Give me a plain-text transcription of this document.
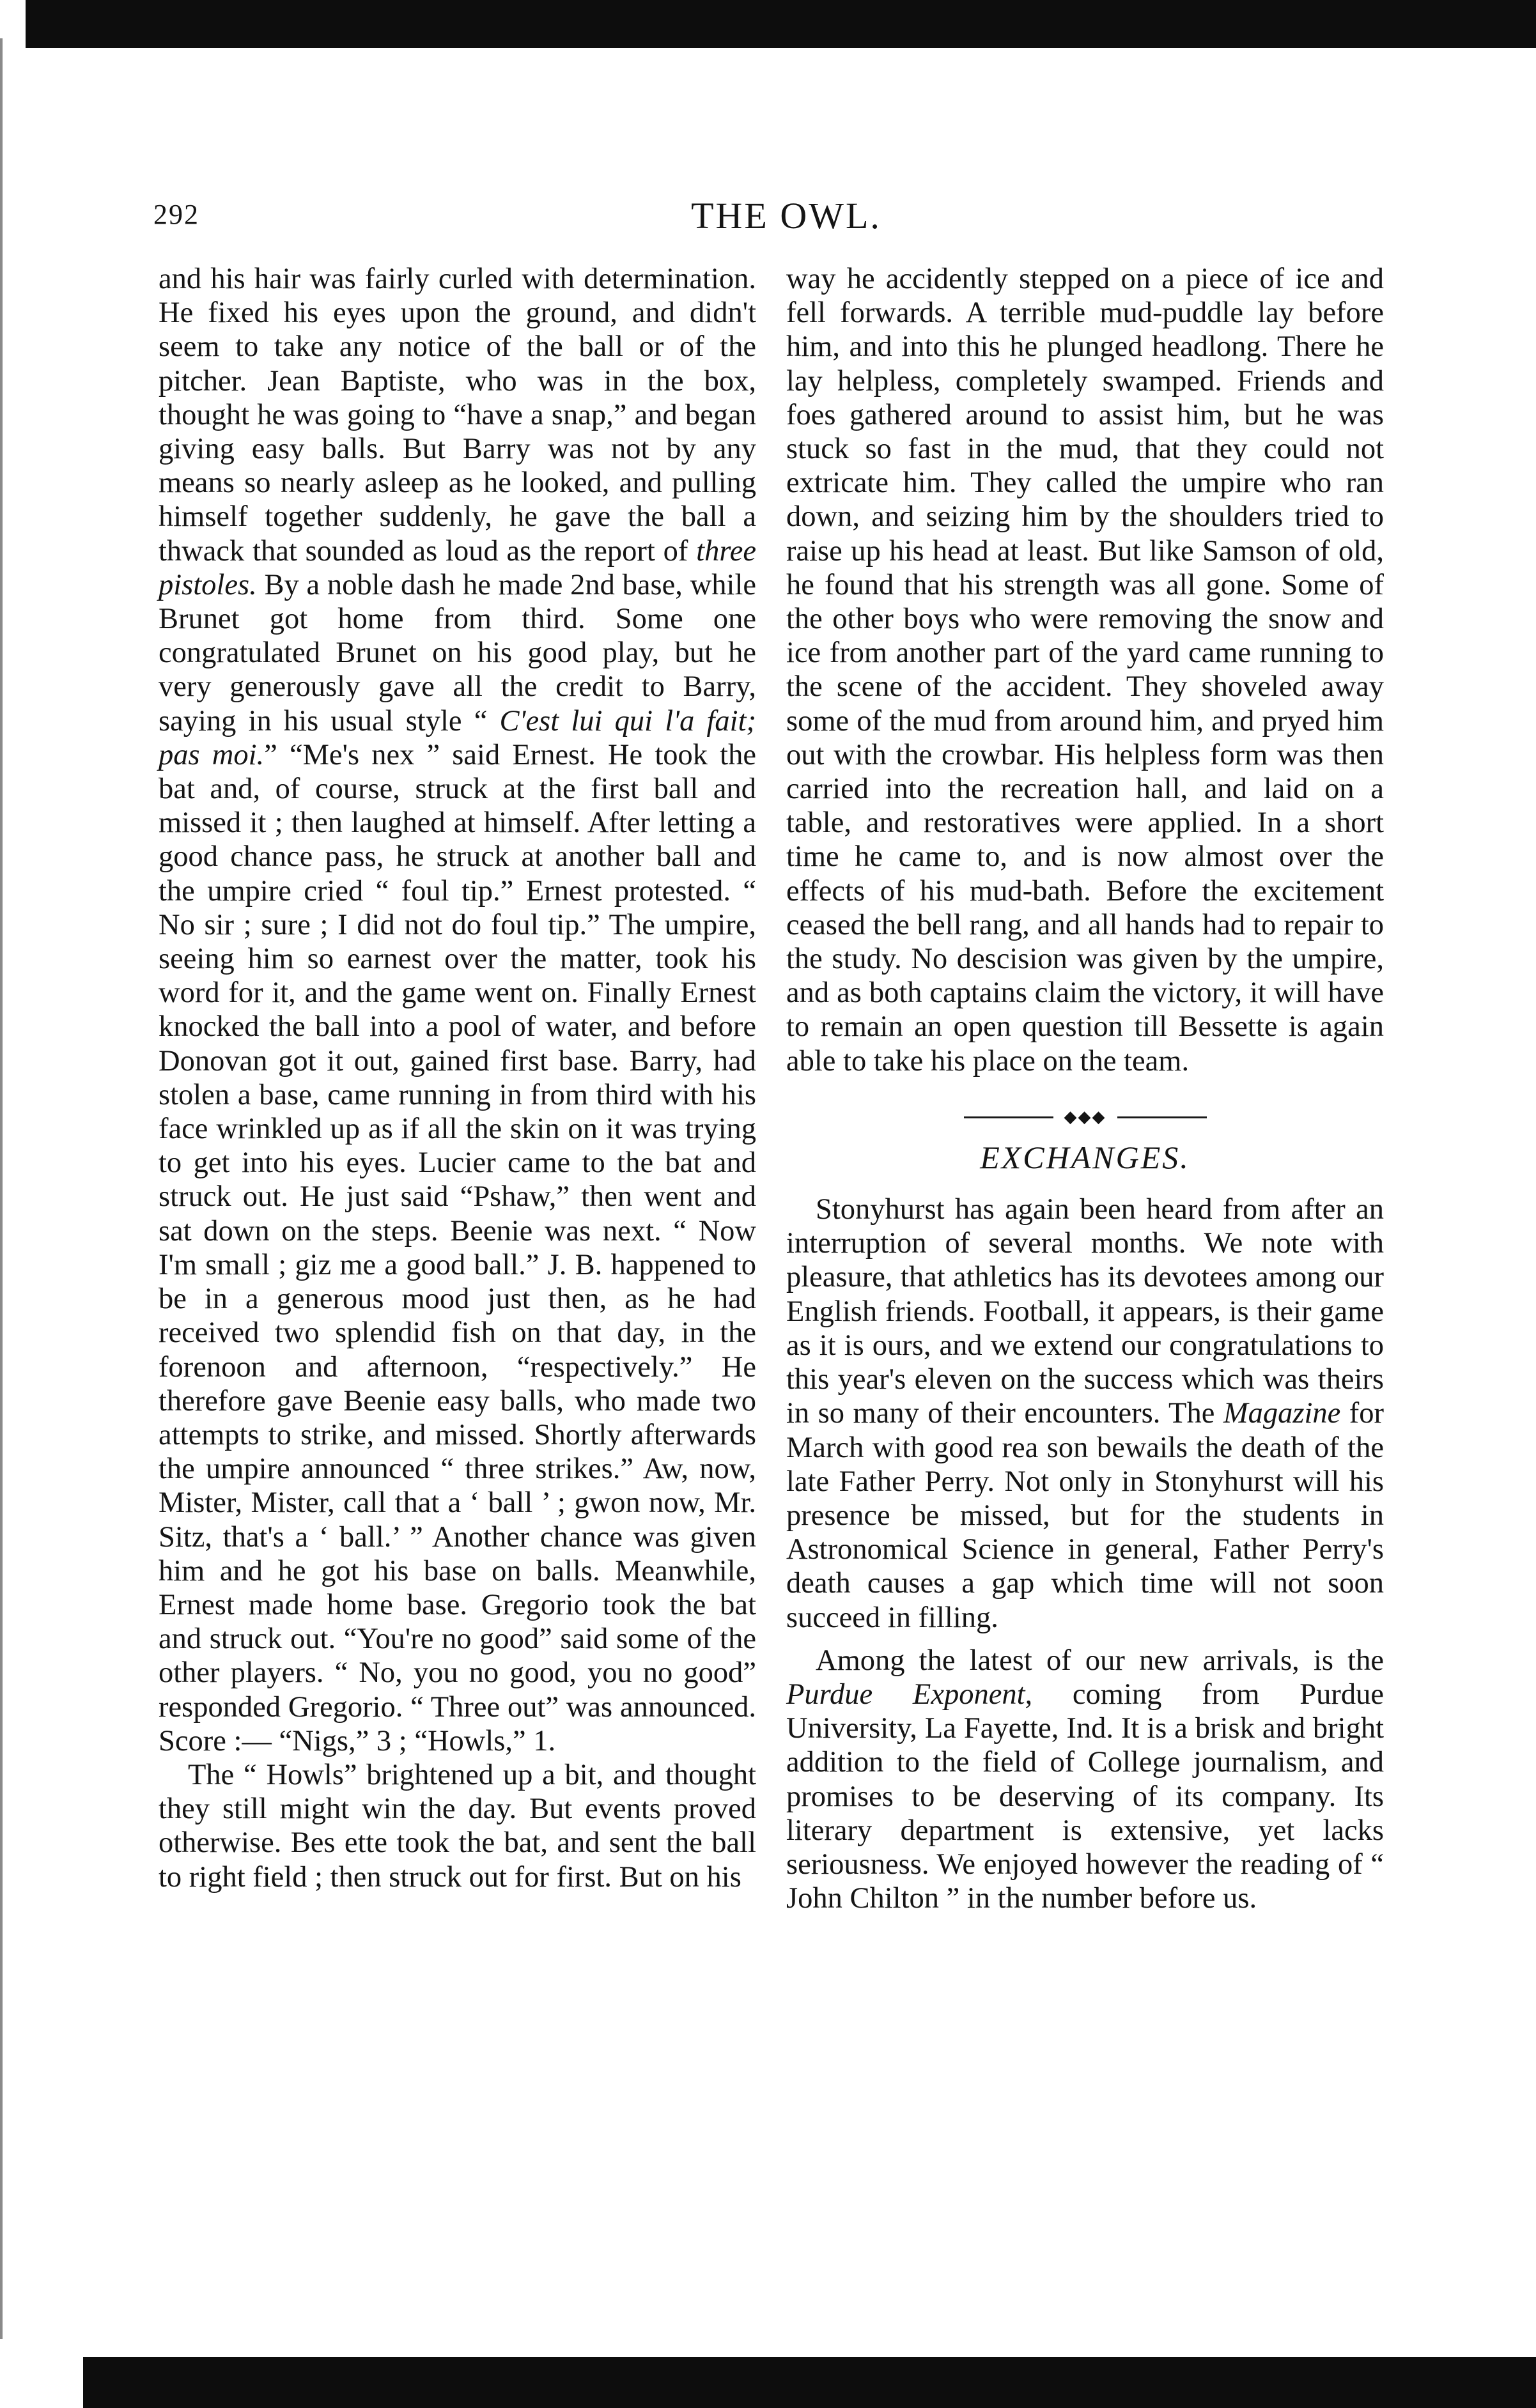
292	THE OWL.

and his hair was fairly curled with determination. He fixed his eyes upon the ground, and didn't seem to take any notice of the ball or of the pitcher. Jean Baptiste, who was in the box, thought he was going to “have a snap,” and began giving easy balls. But Barry was not by any means so nearly asleep as he looked, and pulling himself together suddenly, he gave the ball a thwack that sounded as loud as the report of three pistoles. By a noble dash he made 2nd base, while Brunet got home from third. Some one congratulated Brunet on his good play, but he very generously gave all the credit to Barry, saying in his usual style “ C'est lui qui l'a fait; pas moi.” “Me's nex ” said Ernest. He took the bat and, of course, struck at the first ball and missed it ; then laughed at himself. After letting a good chance pass, he struck at another ball and the umpire cried “ foul tip.” Ernest protested. “ No sir ; sure ; I did not do foul tip.” The umpire, seeing him so earnest over the matter, took his word for it, and the game went on. Finally Ernest knocked the ball into a pool of water, and before Donovan got it out, gained first base. Barry, had stolen a base, came running in from third with his face wrinkled up as if all the skin on it was trying to get into his eyes. Lucier came to the bat and struck out. He just said “Pshaw,” then went and sat down on the steps. Beenie was next. “ Now I'm small ; giz me a good ball.” J. B. happened to be in a generous mood just then, as he had received two splendid fish on that day, in the forenoon and afternoon, “respectively.” He therefore gave Beenie easy balls, who made two attempts to strike, and missed. Shortly afterwards the umpire announced “ three strikes.” Aw, now, Mister, Mister, call that a ‘ ball ’ ; gwon now, Mr. Sitz, that's a ‘ ball.’ ” Another chance was given him and he got his base on balls. Meanwhile, Ernest made home base. Gregorio took the bat and struck out. “You're no good” said some of the other players. “ No, you no good, you no good” responded Gregorio. “ Three out” was announced. Score :— “Nigs,” 3 ; “Howls,” 1.

The “ Howls” brightened up a bit, and thought they still might win the day. But events proved otherwise. Bes ette took the bat, and sent the ball to right field ; then struck out for first. But on his

way he accidently stepped on a piece of ice and fell forwards. A terrible mud-puddle lay before him, and into this he plunged headlong. There he lay helpless, completely swamped. Friends and foes gathered around to assist him, but he was stuck so fast in the mud, that they could not extricate him. They called the umpire who ran down, and seizing him by the shoulders tried to raise up his head at least. But like Samson of old, he found that his strength was all gone. Some of the other boys who were removing the snow and ice from another part of the yard came running to the scene of the accident. They shoveled away some of the mud from around him, and pryed him out with the crowbar. His helpless form was then carried into the recreation hall, and laid on a table, and restoratives were applied. In a short time he came to, and is now almost over the effects of his mud-bath. Before the excitement ceased the bell rang, and all hands had to repair to the study. No descision was given by the umpire, and as both captains claim the victory, it will have to remain an open question till Bessette is again able to take his place on the team.

◆◆◆
EXCHANGES.

Stonyhurst has again been heard from after an interruption of several months. We note with pleasure, that athletics has its devotees among our English friends. Football, it appears, is their game as it is ours, and we extend our congratulations to this year's eleven on the success which was theirs in so many of their encounters. The Magazine for March with good rea son bewails the death of the late Father Perry. Not only in Stonyhurst will his presence be missed, but for the students in Astronomical Science in general, Father Perry's death causes a gap which time will not soon succeed in filling.

Among the latest of our new arrivals, is the Purdue Exponent, coming from Purdue University, La Fayette, Ind. It is a brisk and bright addition to the field of College journalism, and promises to be deserving of its company. Its literary department is extensive, yet lacks seriousness. We enjoyed however the reading of “ John Chilton ” in the number before us.
